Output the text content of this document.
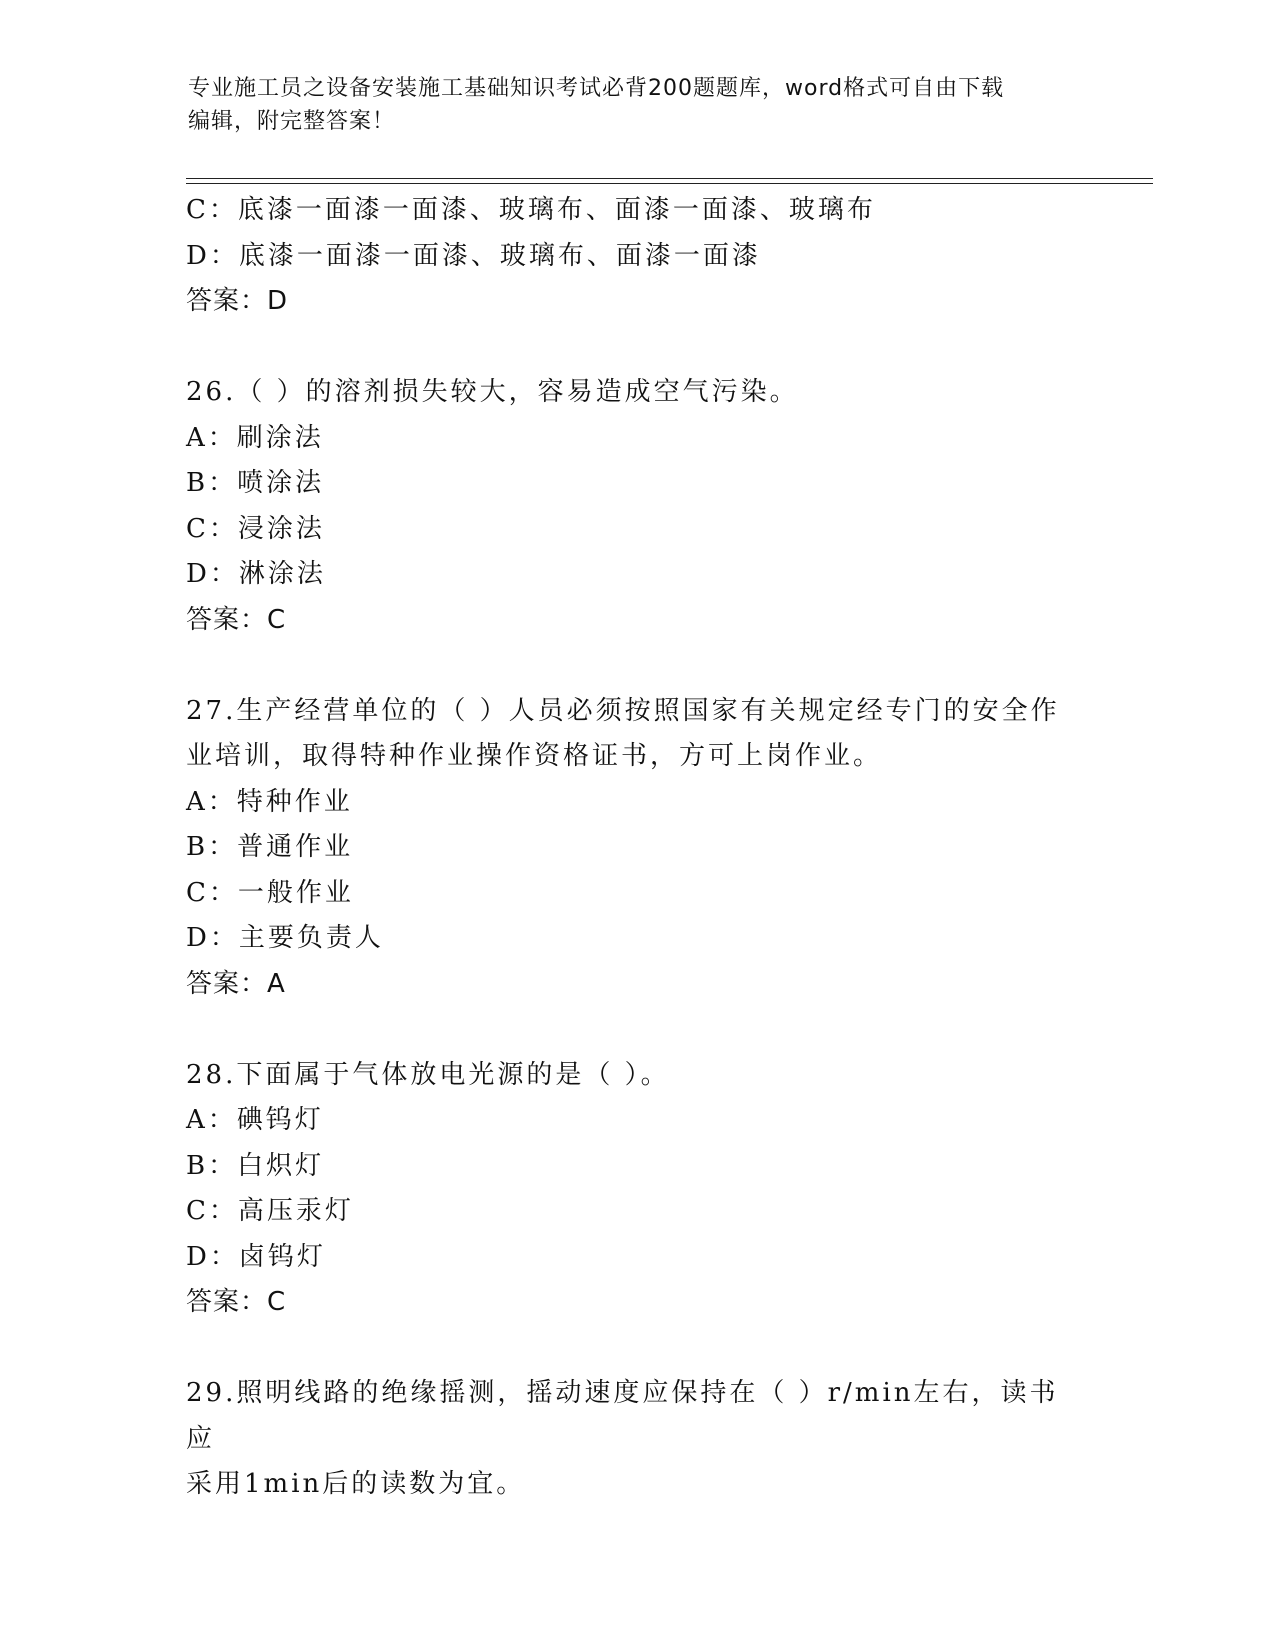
专业施工员之设备安装施工基础知识考试必背200题题库，word格式可自由下载
编辑，附完整答案！
C：底漆一面漆一面漆、玻璃布、面漆一面漆、玻璃布
D：底漆一面漆一面漆、玻璃布、面漆一面漆
答案：D
26.（ ）的溶剂损失较大，容易造成空气污染。
A：刷涂法
B：喷涂法
C：浸涂法
D：淋涂法
答案：C
27.生产经营单位的（ ）人员必须按照国家有关规定经专门的安全作
业培训，取得特种作业操作资格证书，方可上岗作业。
A：特种作业
B：普通作业
C：一般作业
D：主要负责人
答案：A
28.下面属于气体放电光源的是（ ）。
A：碘钨灯
B：白炽灯
C：高压汞灯
D：卤钨灯
答案：C
29.照明线路的绝缘摇测，摇动速度应保持在（ ）r/min左右，读书应
采用1min后的读数为宜。
